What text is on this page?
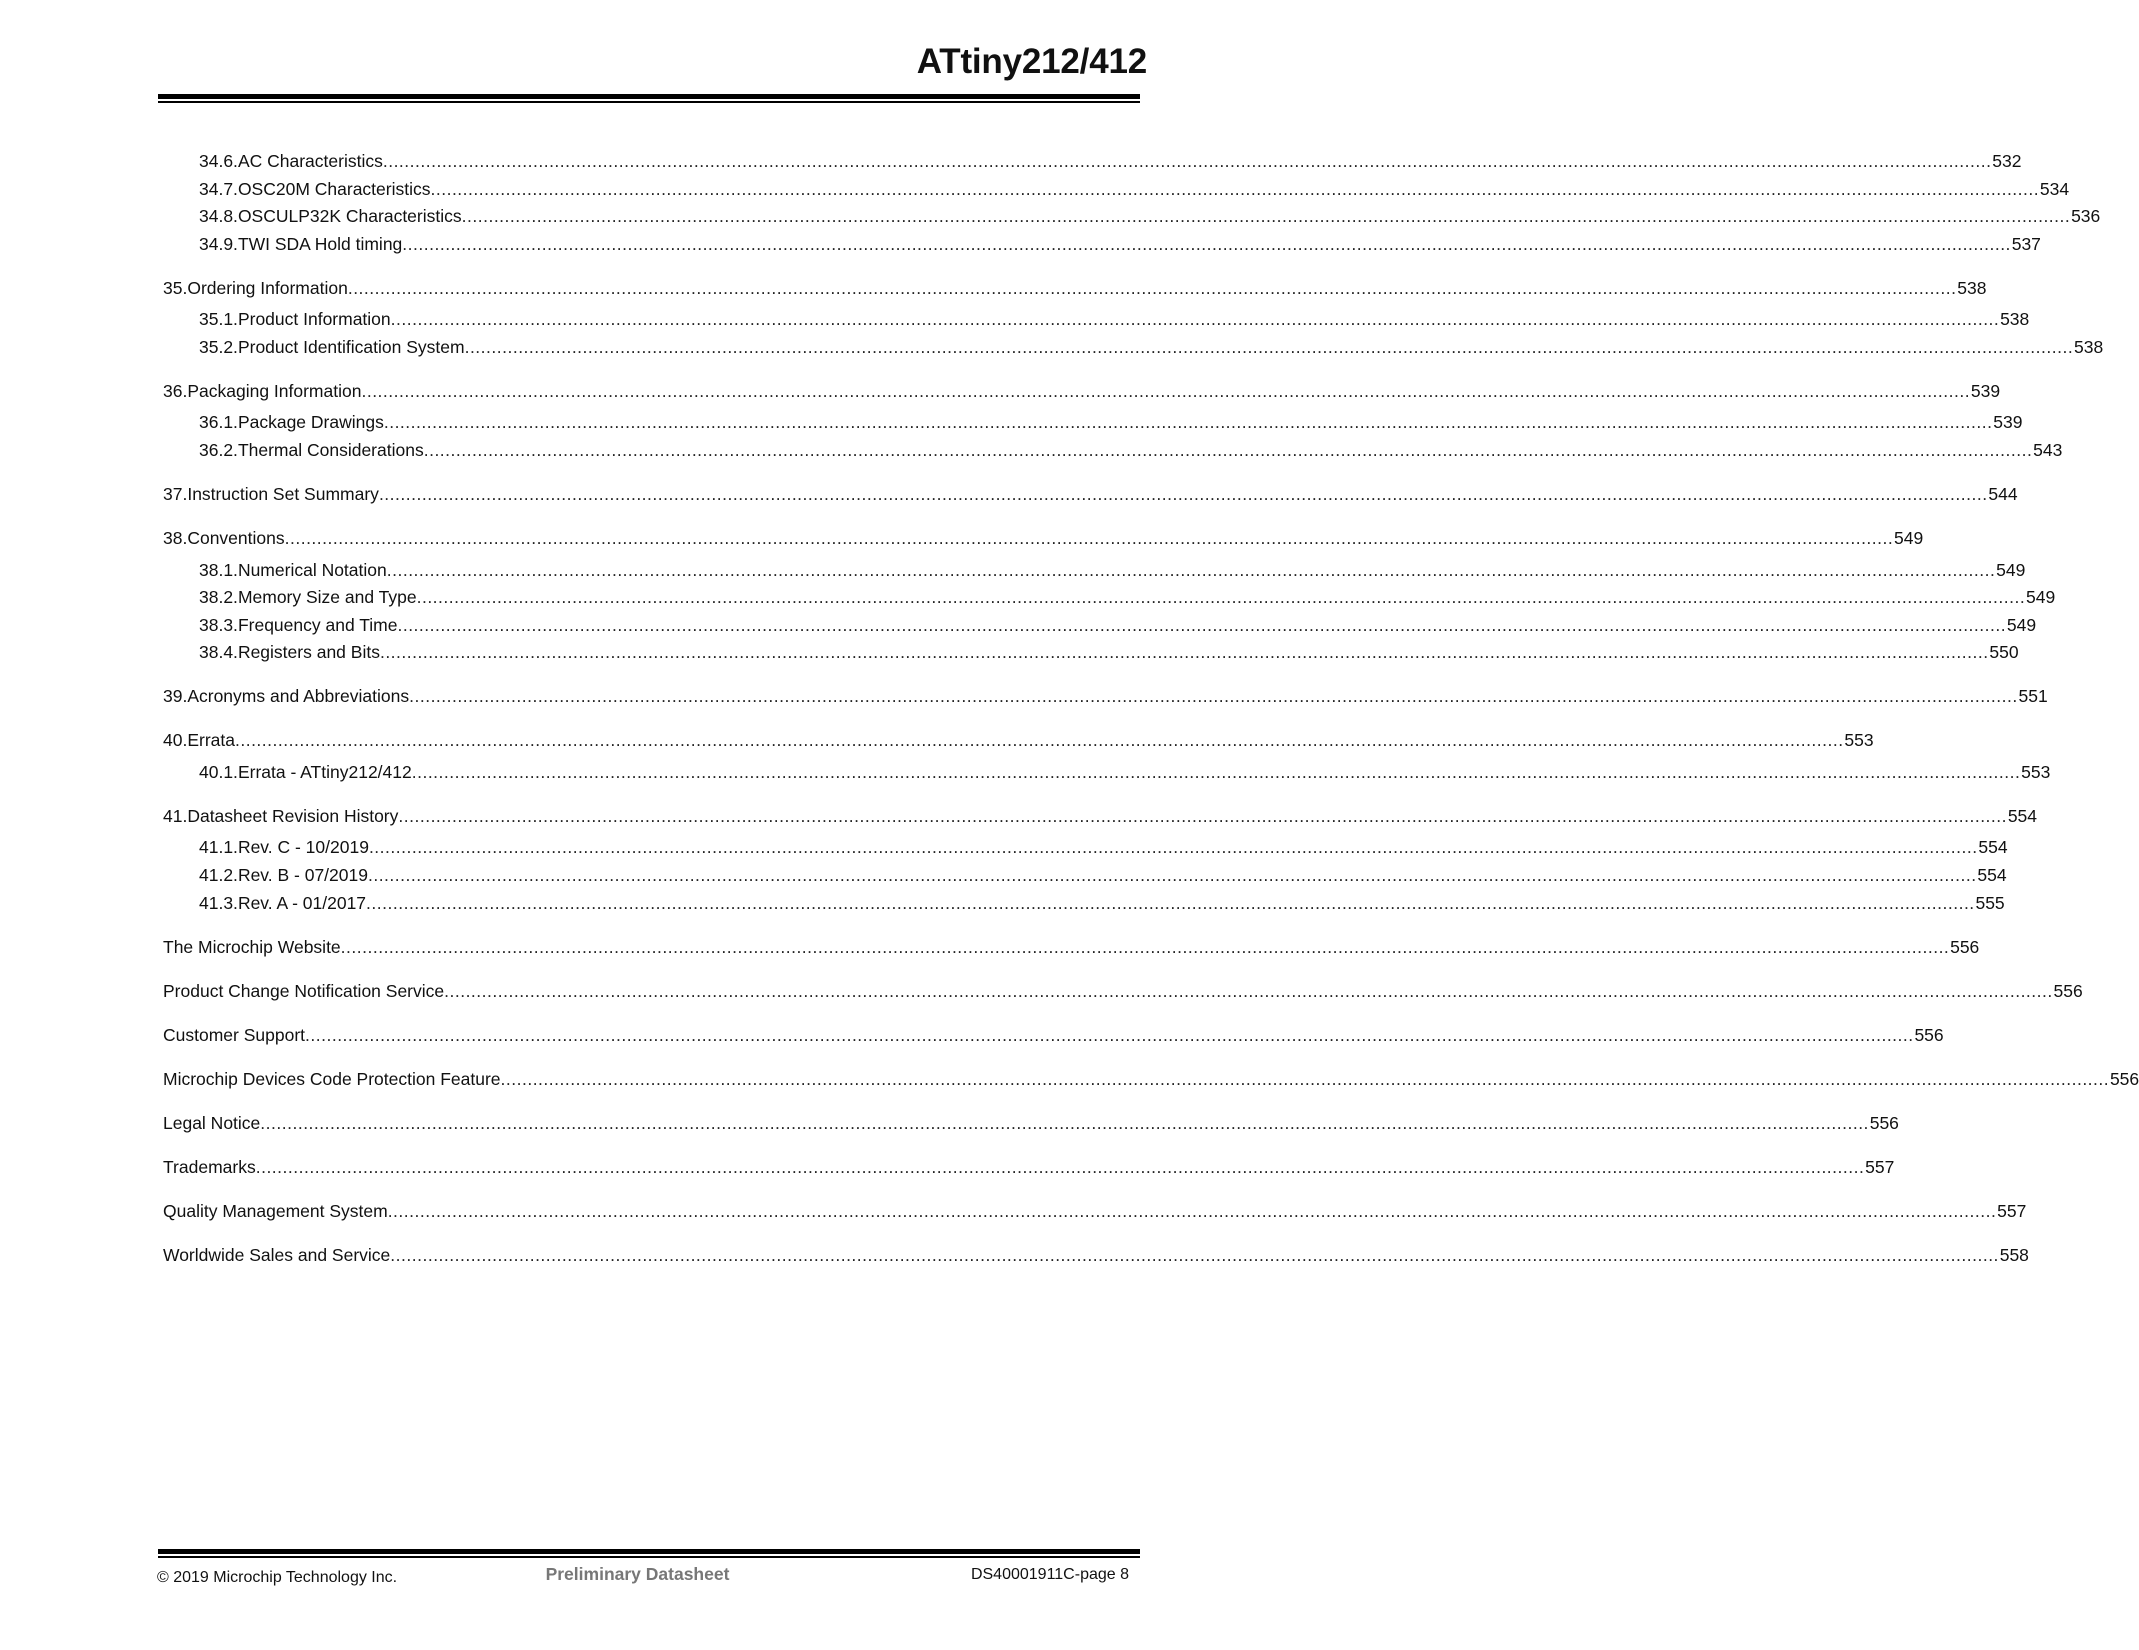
ATtiny212/412
34.6. AC Characteristics ............................................................................................................................................................................................................................................................................................................ 532
34.7. OSC20M Characteristics ............................................................................................................................................................................................................................................................................................................ 534
34.8. OSCULP32K Characteristics ............................................................................................................................................................................................................................................................................................................ 536
34.9. TWI SDA Hold timing ............................................................................................................................................................................................................................................................................................................ 537
35. Ordering Information ............................................................................................................................................................................................................................................................................................................ 538
35.1. Product Information ............................................................................................................................................................................................................................................................................................................ 538
35.2. Product Identification System ............................................................................................................................................................................................................................................................................................................ 538
36. Packaging Information ............................................................................................................................................................................................................................................................................................................ 539
36.1. Package Drawings ............................................................................................................................................................................................................................................................................................................ 539
36.2. Thermal Considerations ............................................................................................................................................................................................................................................................................................................ 543
37. Instruction Set Summary ............................................................................................................................................................................................................................................................................................................ 544
38. Conventions ............................................................................................................................................................................................................................................................................................................ 549
38.1. Numerical Notation ............................................................................................................................................................................................................................................................................................................ 549
38.2. Memory Size and Type ............................................................................................................................................................................................................................................................................................................ 549
38.3. Frequency and Time ............................................................................................................................................................................................................................................................................................................ 549
38.4. Registers and Bits ............................................................................................................................................................................................................................................................................................................ 550
39. Acronyms and Abbreviations ............................................................................................................................................................................................................................................................................................................ 551
40. Errata ............................................................................................................................................................................................................................................................................................................ 553
40.1. Errata - ATtiny212/412 ............................................................................................................................................................................................................................................................................................................ 553
41. Datasheet Revision History ............................................................................................................................................................................................................................................................................................................ 554
41.1. Rev. C - 10/2019 ............................................................................................................................................................................................................................................................................................................ 554
41.2. Rev. B - 07/2019 ............................................................................................................................................................................................................................................................................................................ 554
41.3. Rev. A - 01/2017 ............................................................................................................................................................................................................................................................................................................ 555
The Microchip Website ............................................................................................................................................................................................................................................................................................................ 556
Product Change Notification Service ............................................................................................................................................................................................................................................................................................................ 556
Customer Support ............................................................................................................................................................................................................................................................................................................ 556
Microchip Devices Code Protection Feature ............................................................................................................................................................................................................................................................................................................ 556
Legal Notice ............................................................................................................................................................................................................................................................................................................ 556
Trademarks ............................................................................................................................................................................................................................................................................................................ 557
Quality Management System ............................................................................................................................................................................................................................................................................................................ 557
Worldwide Sales and Service ............................................................................................................................................................................................................................................................................................................ 558
© 2019 Microchip Technology Inc.	Preliminary Datasheet	DS40001911C-page 8
